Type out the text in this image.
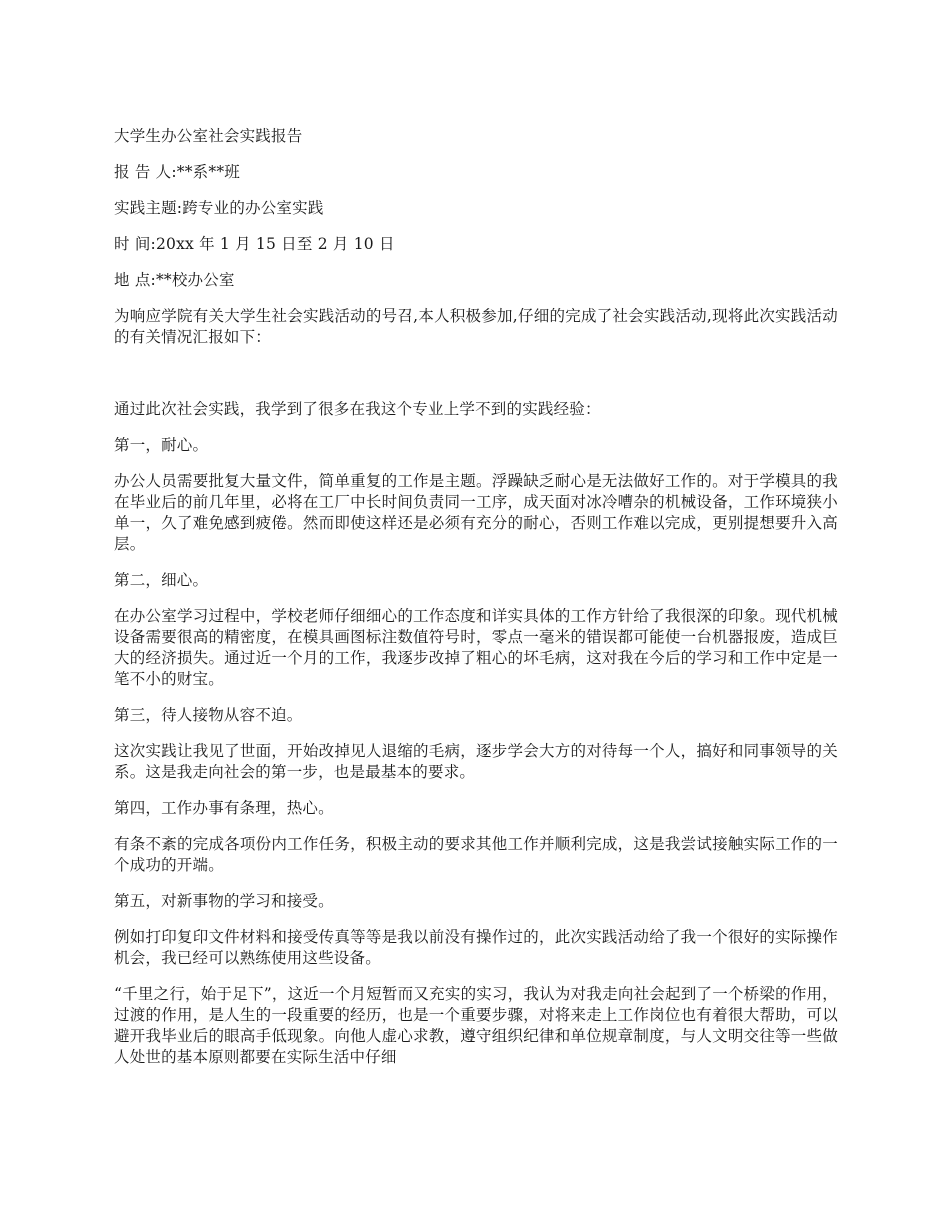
大学生办公室社会实践报告

报 告 人:**系**班

实践主题:跨专业的办公室实践

时 间:20xx 年 1 月 15 日至 2 月 10 日

地 点:**校办公室

为响应学院有关大学生社会实践活动的号召,本人积极参加,仔细的完成了社会实践活动,现将此次实践活动的有关情况汇报如下：

通过此次社会实践，我学到了很多在我这个专业上学不到的实践经验：

第一，耐心。

办公人员需要批复大量文件，简单重复的工作是主题。浮躁缺乏耐心是无法做好工作的。对于学模具的我在毕业后的前几年里，必将在工厂中长时间负责同一工序，成天面对冰冷嘈杂的机械设备，工作环境狭小单一，久了难免感到疲倦。然而即使这样还是必须有充分的耐心，否则工作难以完成，更别提想要升入高层。

第二，细心。

在办公室学习过程中，学校老师仔细细心的工作态度和详实具体的工作方针给了我很深的印象。现代机械设备需要很高的精密度，在模具画图标注数值符号时，零点一毫米的错误都可能使一台机器报废，造成巨大的经济损失。通过近一个月的工作，我逐步改掉了粗心的坏毛病，这对我在今后的学习和工作中定是一笔不小的财宝。

第三，待人接物从容不迫。

这次实践让我见了世面，开始改掉见人退缩的毛病，逐步学会大方的对待每一个人，搞好和同事领导的关系。这是我走向社会的第一步，也是最基本的要求。

第四，工作办事有条理，热心。

有条不紊的完成各项份内工作任务，积极主动的要求其他工作并顺利完成，这是我尝试接触实际工作的一个成功的开端。

第五，对新事物的学习和接受。

例如打印复印文件材料和接受传真等等是我以前没有操作过的，此次实践活动给了我一个很好的实际操作机会，我已经可以熟练使用这些设备。

“千里之行，始于足下”，这近一个月短暂而又充实的实习，我认为对我走向社会起到了一个桥梁的作用，过渡的作用，是人生的一段重要的经历，也是一个重要步骤，对将来走上工作岗位也有着很大帮助，可以避开我毕业后的眼高手低现象。向他人虚心求教，遵守组织纪律和单位规章制度，与人文明交往等一些做人处世的基本原则都要在实际生活中仔细
